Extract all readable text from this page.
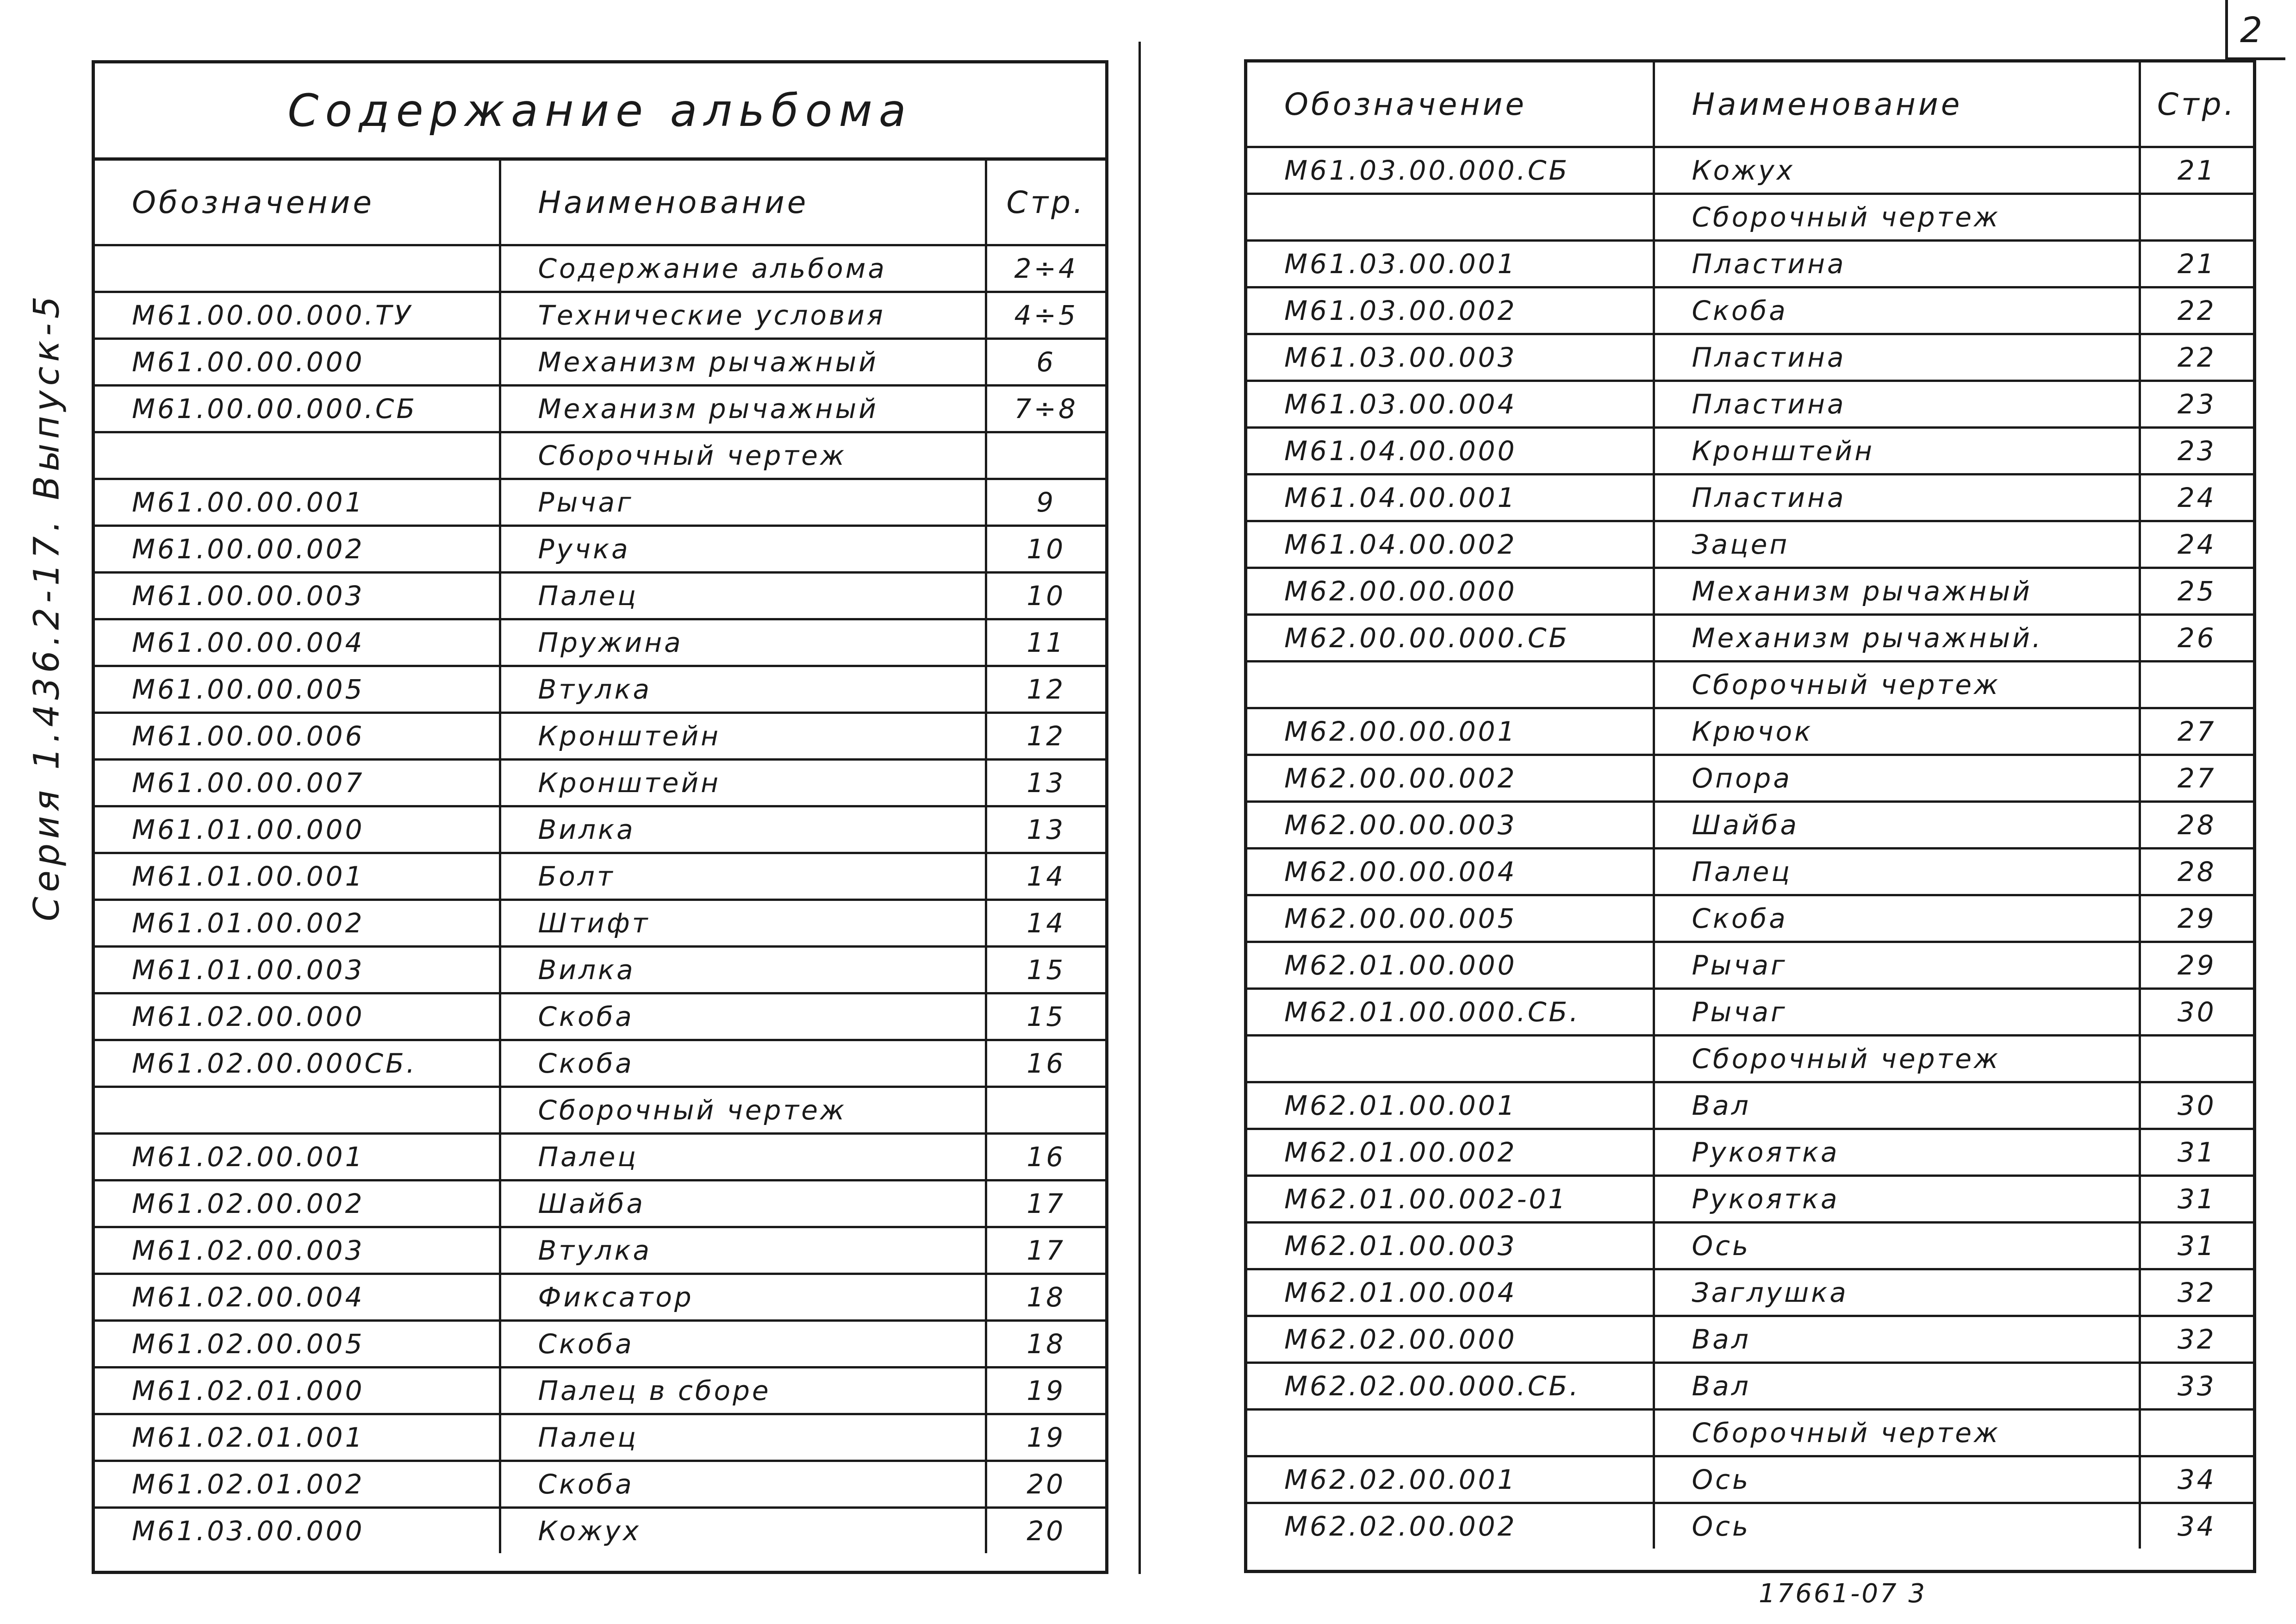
2
Серия 1.436.2-17. Выпуск-5
Содержание альбома
Обозначение	Наименование	Стр.
	Содержание альбома	2÷4
М61.00.00.000.ТУ	Технические условия	4÷5
М61.00.00.000	Механизм рычажный	6
М61.00.00.000.СБ	Механизм рычажный	7÷8
	Сборочный чертеж	
М61.00.00.001	Рычаг	9
М61.00.00.002	Ручка	10
М61.00.00.003	Палец	10
М61.00.00.004	Пружина	11
М61.00.00.005	Втулка	12
М61.00.00.006	Кронштейн	12
М61.00.00.007	Кронштейн	13
М61.01.00.000	Вилка	13
М61.01.00.001	Болт	14
М61.01.00.002	Штифт	14
М61.01.00.003	Вилка	15
М61.02.00.000	Скоба	15
М61.02.00.000СБ.	Скоба	16
	Сборочный чертеж	
М61.02.00.001	Палец	16
М61.02.00.002	Шайба	17
М61.02.00.003	Втулка	17
М61.02.00.004	Фиксатор	18
М61.02.00.005	Скоба	18
М61.02.01.000	Палец в сборе	19
М61.02.01.001	Палец	19
М61.02.01.002	Скоба	20
М61.03.00.000	Кожух	20
Обозначение	Наименование	Стр.
М61.03.00.000.СБ	Кожух	21
	Сборочный чертеж	
М61.03.00.001	Пластина	21
М61.03.00.002	Скоба	22
М61.03.00.003	Пластина	22
М61.03.00.004	Пластина	23
М61.04.00.000	Кронштейн	23
М61.04.00.001	Пластина	24
М61.04.00.002	Зацеп	24
М62.00.00.000	Механизм рычажный	25
М62.00.00.000.СБ	Механизм рычажный.	26
	Сборочный чертеж	
М62.00.00.001	Крючок	27
М62.00.00.002	Опора	27
М62.00.00.003	Шайба	28
М62.00.00.004	Палец	28
М62.00.00.005	Скоба	29
М62.01.00.000	Рычаг	29
М62.01.00.000.СБ.	Рычаг	30
	Сборочный чертеж	
М62.01.00.001	Вал	30
М62.01.00.002	Рукоятка	31
М62.01.00.002-01	Рукоятка	31
М62.01.00.003	Ось	31
М62.01.00.004	Заглушка	32
М62.02.00.000	Вал	32
М62.02.00.000.СБ.	Вал	33
	Сборочный чертеж	
М62.02.00.001	Ось	34
М62.02.00.002	Ось	34
17661-07 3
